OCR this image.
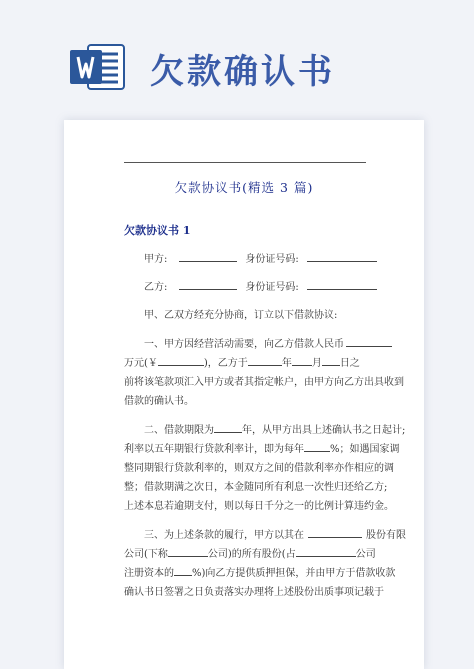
欠款确认书
欠款协议书(精选 3 篇)
欠款协议书 1
甲方:	身份证号码:
乙方:	身份证号码:
甲、乙双方经充分协商，订立以下借款协议:
一、甲方因经营活动需要，向乙方借款人民币
万元(￥	)，乙方于	年 月 日之
前将该笔款项汇入甲方或者其指定帐户，由甲方向乙方出具收到
借款的确认书。
二、借款期限为	年，从甲方出具上述确认书之日起计;
利率以五年期银行贷款利率计，即为每年	%；如遇国家调
整同期银行贷款利率的，则双方之间的借款利率亦作相应的调
整；借款期满之次日，本金随同所有利息一次性归还给乙方;
上述本息若逾期支付，则以每日千分之一的比例计算违约金。
三、为上述条款的履行，甲方以其在	股份有限
公司(下称	公司)的所有股份(占	公司
注册资本的 %)向乙方提供质押担保，并由甲方于借款收款
确认书日签署之日负责落实办理将上述股份出质事项记载于
